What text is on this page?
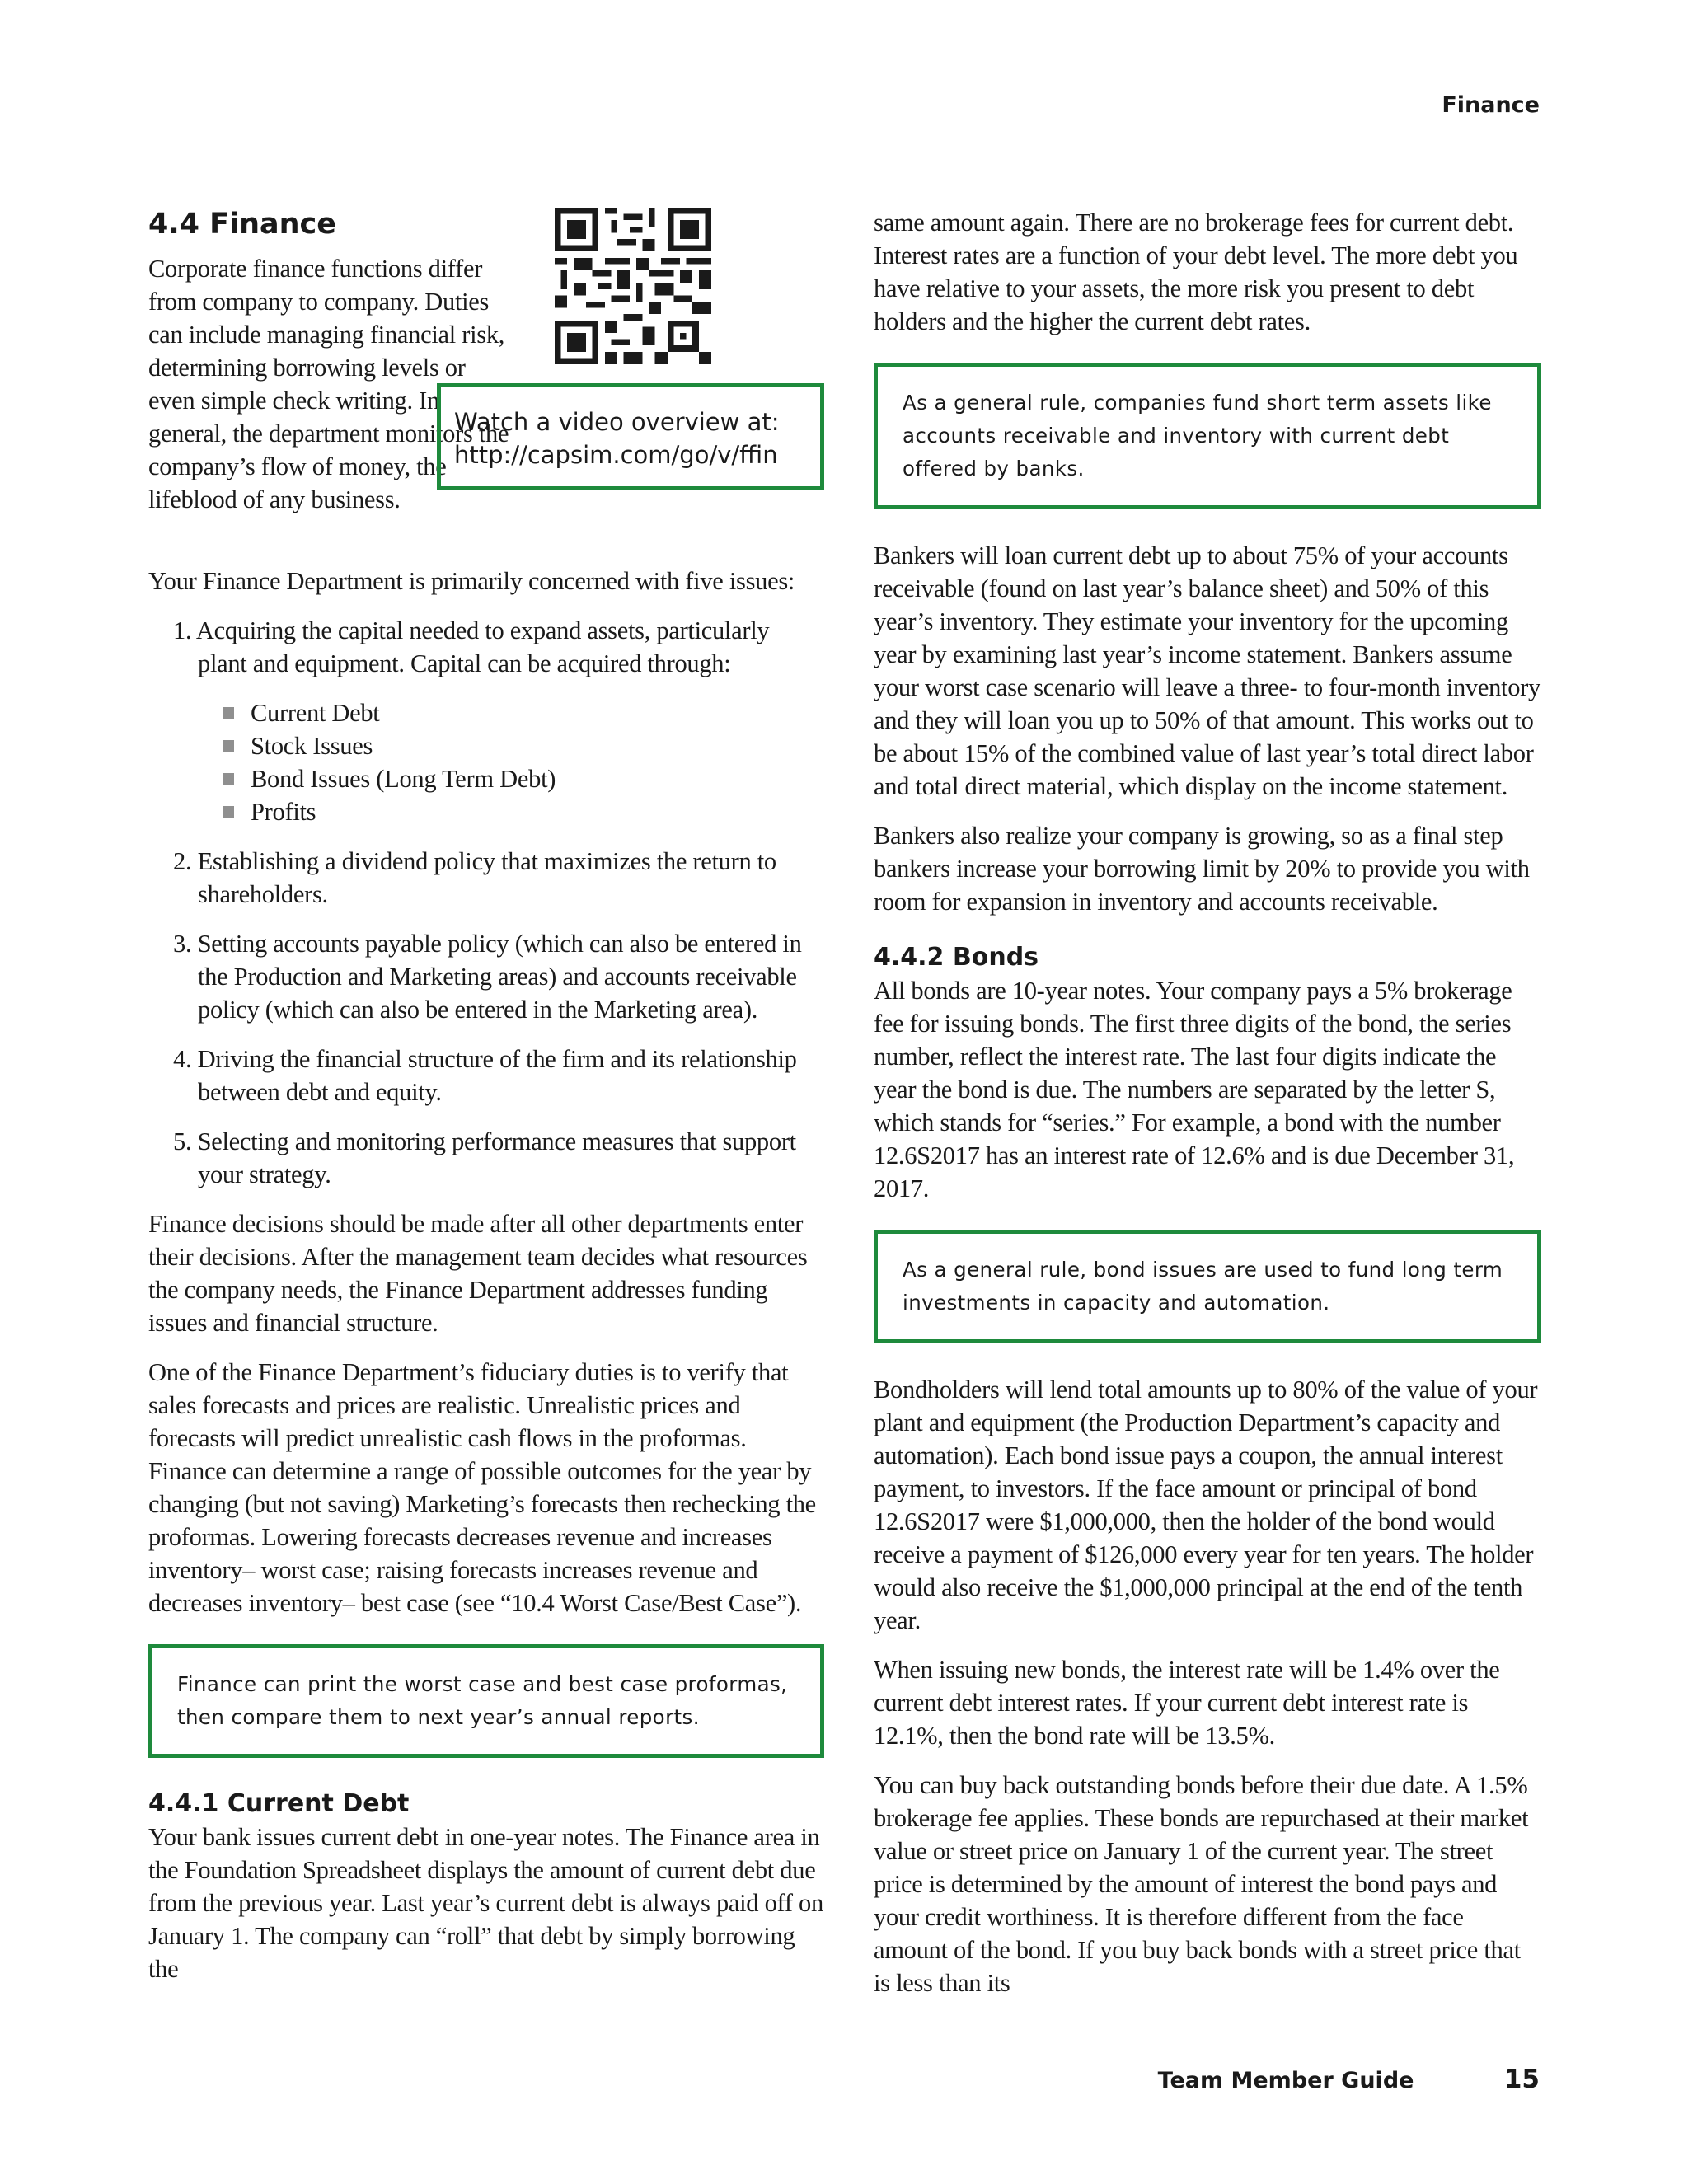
Finance
4.4 Finance
Watch a video overview at:
http://capsim.com/go/v/ffin

Corporate finance functions differ from company to company. Duties can include managing financial risk, determining borrowing levels or even simple check writing. In general, the department monitors the company’s flow of money, the lifeblood of any business.

Your Finance Department is primarily concerned with five issues:

1. Acquiring the capital needed to expand assets, particularly plant and equipment. Capital can be acquired through:
Current Debt
Stock Issues
Bond Issues (Long Term Debt)
Profits
2. Establishing a dividend policy that maximizes the return to shareholders.
3. Setting accounts payable policy (which can also be entered in the Production and Marketing areas) and accounts receivable policy (which can also be entered in the Marketing area).
4. Driving the financial structure of the firm and its relationship between debt and equity.
5. Selecting and monitoring performance measures that support your strategy.

Finance decisions should be made after all other departments enter their decisions. After the management team decides what resources the company needs, the Finance Department addresses funding issues and financial structure.

One of the Finance Department’s fiduciary duties is to verify that sales forecasts and prices are realistic. Unrealistic prices and forecasts will predict unrealistic cash flows in the proformas. Finance can determine a range of possible outcomes for the year by changing (but not saving) Marketing’s forecasts then rechecking the proformas. Lowering forecasts decreases revenue and increases inventory– worst case; raising forecasts increases revenue and decreases inventory– best case (see “10.4 Worst Case/Best Case”).

Finance can print the worst case and best case proformas, then compare them to next year’s annual reports.
4.4.1 Current Debt

Your bank issues current debt in one-year notes. The Finance area in the Foundation Spreadsheet displays the amount of current debt due from the previous year. Last year’s current debt is always paid off on January 1. The company can “roll” that debt by simply borrowing the

same amount again. There are no brokerage fees for current debt. Interest rates are a function of your debt level. The more debt you have relative to your assets, the more risk you present to debt holders and the higher the current debt rates.

As a general rule, companies fund short term assets like accounts receivable and inventory with current debt offered by banks.

Bankers will loan current debt up to about 75% of your accounts receivable (found on last year’s balance sheet) and 50% of this year’s inventory. They estimate your inventory for the upcoming year by examining last year’s income statement. Bankers assume your worst case scenario will leave a three- to four-month inventory and they will loan you up to 50% of that amount. This works out to be about 15% of the combined value of last year’s total direct labor and total direct material, which display on the income statement.

Bankers also realize your company is growing, so as a final step bankers increase your borrowing limit by 20% to provide you with room for expansion in inventory and accounts receivable.

4.4.2 Bonds

All bonds are 10-year notes. Your company pays a 5% brokerage fee for issuing bonds. The first three digits of the bond, the series number, reflect the interest rate. The last four digits indicate the year the bond is due. The numbers are separated by the letter S, which stands for “series.” For example, a bond with the number 12.6S2017 has an interest rate of 12.6% and is due December 31, 2017.

As a general rule, bond issues are used to fund long term investments in capacity and automation.

Bondholders will lend total amounts up to 80% of the value of your plant and equipment (the Production Department’s capacity and automation). Each bond issue pays a coupon, the annual interest payment, to investors. If the face amount or principal of bond 12.6S2017 were $1,000,000, then the holder of the bond would receive a payment of $126,000 every year for ten years. The holder would also receive the $1,000,000 principal at the end of the tenth year.

When issuing new bonds, the interest rate will be 1.4% over the current debt interest rates. If your current debt interest rate is 12.1%, then the bond rate will be 13.5%.

You can buy back outstanding bonds before their due date. A 1.5% brokerage fee applies. These bonds are repurchased at their market value or street price on January 1 of the current year. The street price is determined by the amount of interest the bond pays and your credit worthiness. It is therefore different from the face amount of the bond. If you buy back bonds with a street price that is less than its

Team Member Guide	15
